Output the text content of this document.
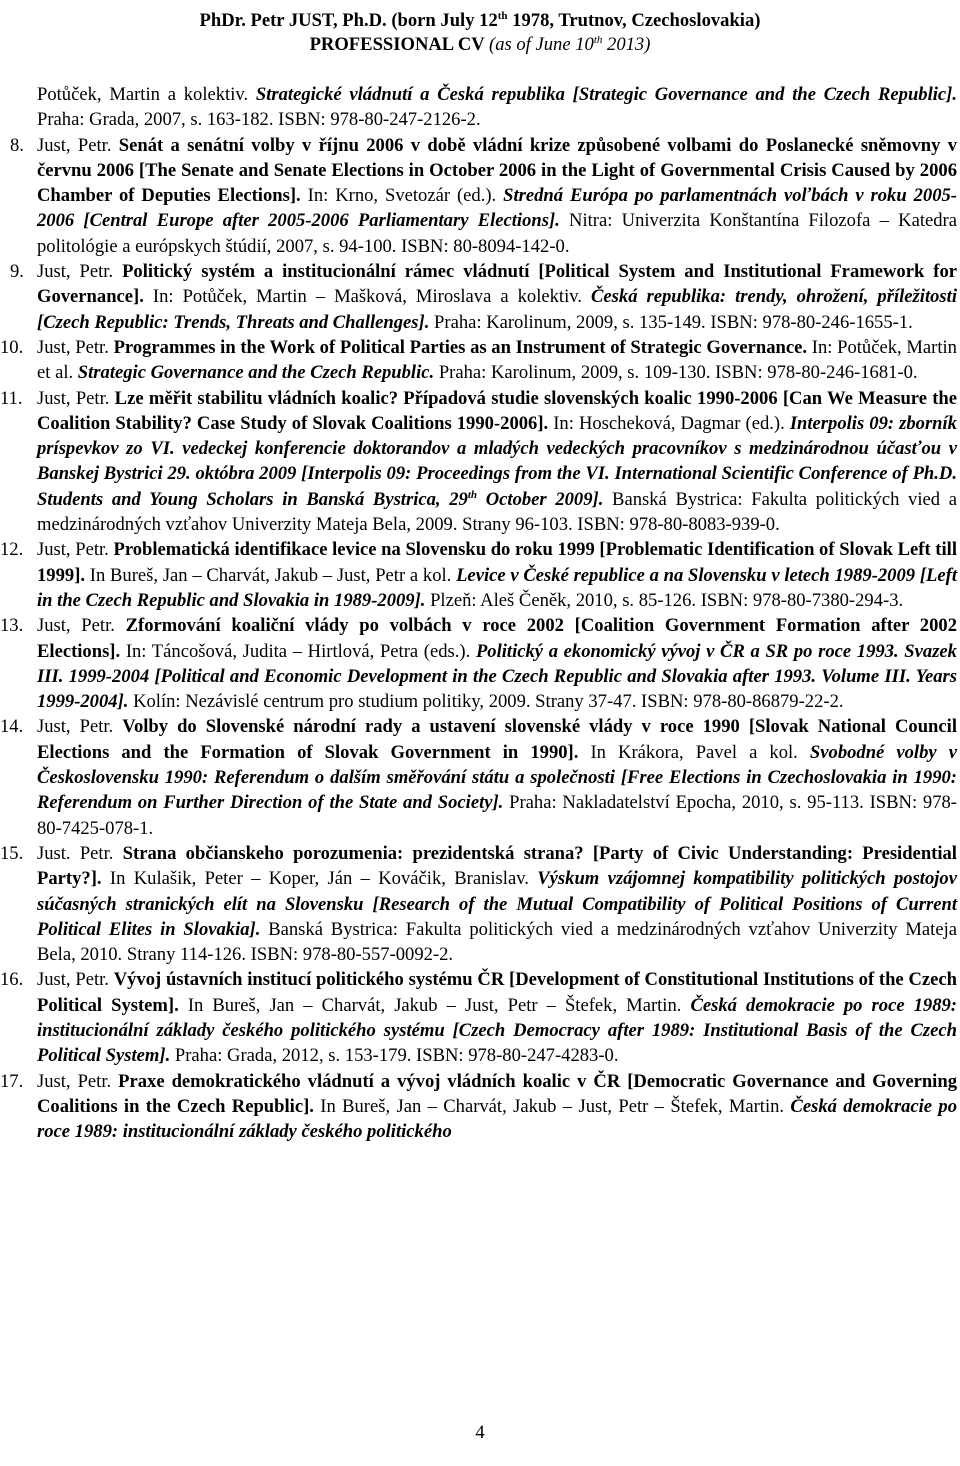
PhDr. Petr JUST, Ph.D. (born July 12th 1978, Trutnov, Czechoslovakia)
PROFESSIONAL CV (as of June 10th 2013)

Potůček, Martin a kolektiv. Strategické vládnutí a Česká republika [Strategic Governance and the Czech Republic]. Praha: Grada, 2007, s. 163-182. ISBN: 978-80-247-2126-2.

8. Just, Petr. Senát a senátní volby v říjnu 2006 v době vládní krize způsobené volbami do Poslanecké sněmovny v červnu 2006 [The Senate and Senate Elections in October 2006 in the Light of Governmental Crisis Caused by 2006 Chamber of Deputies Elections]. In: Krno, Svetozár (ed.). Stredná Európa po parlamentnách voľbách v roku 2005-2006 [Central Europe after 2005-2006 Parliamentary Elections]. Nitra: Univerzita Konštantína Filozofa – Katedra politológie a európskych štúdií, 2007, s. 94-100. ISBN: 80-8094-142-0.

9. Just, Petr. Politický systém a institucionální rámec vládnutí [Political System and Institutional Framework for Governance]. In: Potůček, Martin – Mašková, Miroslava a kolektiv. Česká republika: trendy, ohrožení, příležitosti [Czech Republic: Trends, Threats and Challenges]. Praha: Karolinum, 2009, s. 135-149. ISBN: 978-80-246-1655-1.

10. Just, Petr. Programmes in the Work of Political Parties as an Instrument of Strategic Governance. In: Potůček, Martin et al. Strategic Governance and the Czech Republic. Praha: Karolinum, 2009, s. 109-130. ISBN: 978-80-246-1681-0.

11. Just, Petr. Lze měřit stabilitu vládních koalic? Případová studie slovenských koalic 1990-2006 [Can We Measure the Coalition Stability? Case Study of Slovak Coalitions 1990-2006]. In: Hoscheková, Dagmar (ed.). Interpolis 09: zborník príspevkov zo VI. vedeckej konferencie doktorandov a mladých vedeckých pracovníkov s medzinárodnou účasťou v Banskej Bystrici 29. októbra 2009 [Interpolis 09: Proceedings from the VI. International Scientific Conference of Ph.D. Students and Young Scholars in Banská Bystrica, 29th October 2009]. Banská Bystrica: Fakulta politických vied a medzinárodných vzťahov Univerzity Mateja Bela, 2009. Strany 96-103. ISBN: 978-80-8083-939-0.

12. Just, Petr. Problematická identifikace levice na Slovensku do roku 1999 [Problematic Identification of Slovak Left till 1999]. In Bureš, Jan – Charvát, Jakub – Just, Petr a kol. Levice v České republice a na Slovensku v letech 1989-2009 [Left in the Czech Republic and Slovakia in 1989-2009]. Plzeň: Aleš Čeněk, 2010, s. 85-126. ISBN: 978-80-7380-294-3.

13. Just, Petr. Zformování koaliční vlády po volbách v roce 2002 [Coalition Government Formation after 2002 Elections]. In: Táncošová, Judita – Hirtlová, Petra (eds.). Politický a ekonomický vývoj v ČR a SR po roce 1993. Svazek III. 1999-2004 [Political and Economic Development in the Czech Republic and Slovakia after 1993. Volume III. Years 1999-2004]. Kolín: Nezávislé centrum pro studium politiky, 2009. Strany 37-47. ISBN: 978-80-86879-22-2.

14. Just, Petr. Volby do Slovenské národní rady a ustavení slovenské vlády v roce 1990 [Slovak National Council Elections and the Formation of Slovak Government in 1990]. In Krákora, Pavel a kol. Svobodné volby v Československu 1990: Referendum o dalším směřování státu a společnosti [Free Elections in Czechoslovakia in 1990: Referendum on Further Direction of the State and Society]. Praha: Nakladatelství Epocha, 2010, s. 95-113. ISBN: 978-80-7425-078-1.

15. Just. Petr. Strana občianskeho porozumenia: prezidentská strana? [Party of Civic Understanding: Presidential Party?]. In Kulašik, Peter – Koper, Ján – Kováčik, Branislav. Výskum vzájomnej kompatibility politických postojov súčasných stranických elít na Slovensku [Research of the Mutual Compatibility of Political Positions of Current Political Elites in Slovakia]. Banská Bystrica: Fakulta politických vied a medzinárodných vzťahov Univerzity Mateja Bela, 2010. Strany 114-126. ISBN: 978-80-557-0092-2.

16. Just, Petr. Vývoj ústavních institucí politického systému ČR [Development of Constitutional Institutions of the Czech Political System]. In Bureš, Jan – Charvát, Jakub – Just, Petr – Štefek, Martin. Česká demokracie po roce 1989: institucionální základy českého politického systému [Czech Democracy after 1989: Institutional Basis of the Czech Political System]. Praha: Grada, 2012, s. 153-179. ISBN: 978-80-247-4283-0.

17. Just, Petr. Praxe demokratického vládnutí a vývoj vládních koalic v ČR [Democratic Governance and Governing Coalitions in the Czech Republic]. In Bureš, Jan – Charvát, Jakub – Just, Petr – Štefek, Martin. Česká demokracie po roce 1989: institucionální základy českého politického

4
